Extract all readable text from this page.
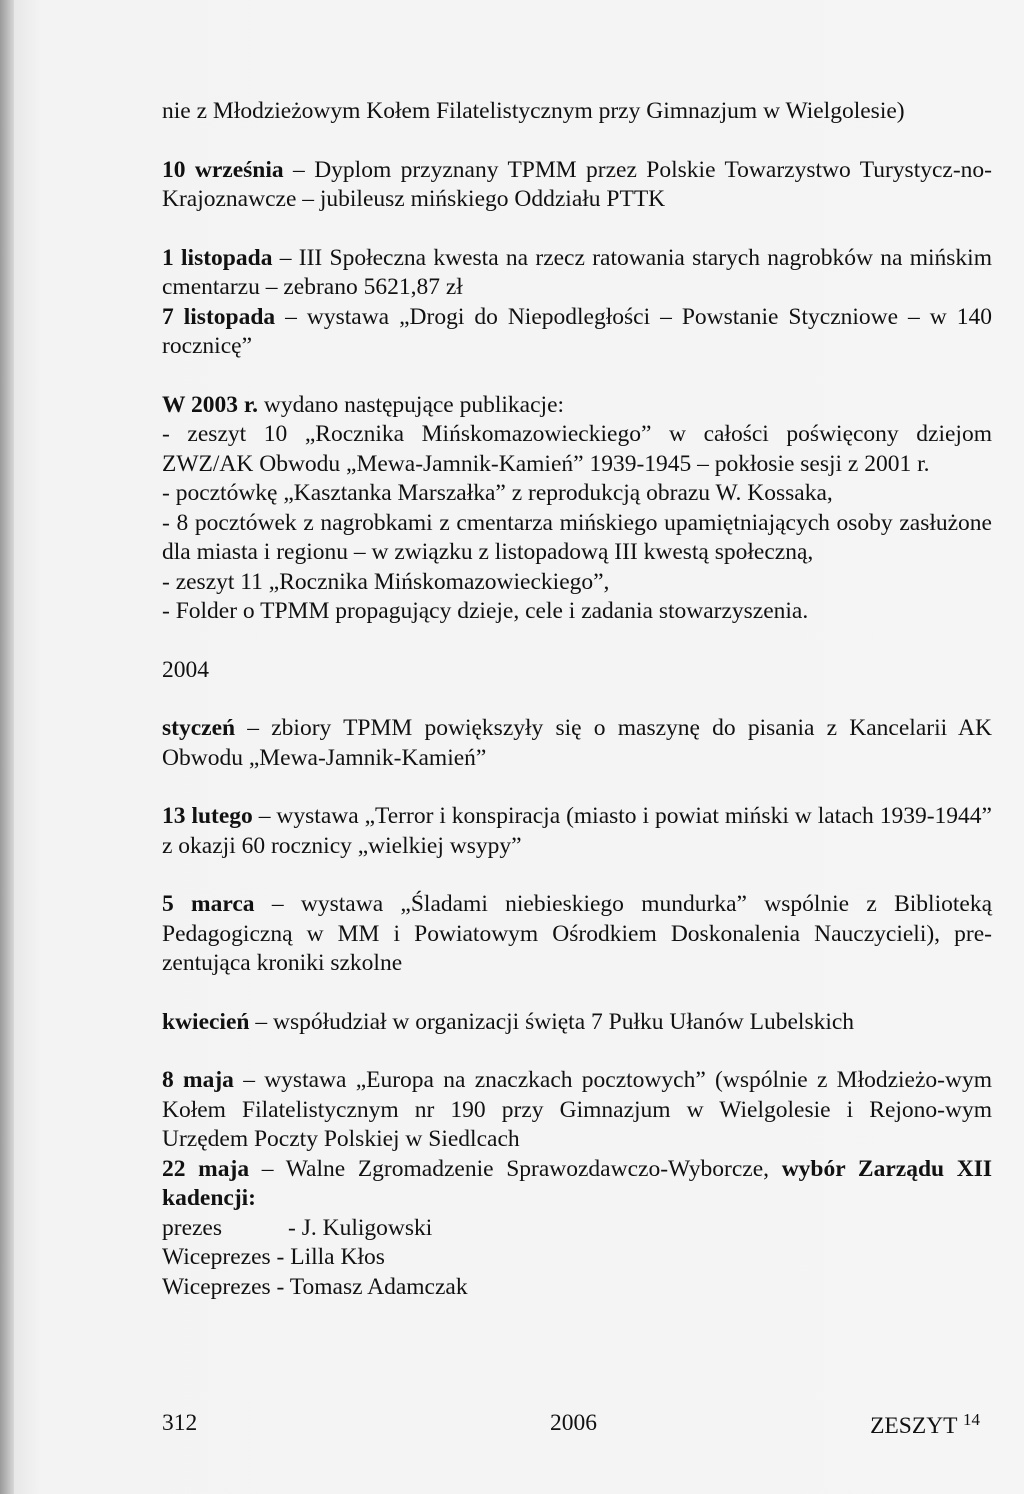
nie z Młodzieżowym Kołem Filatelistycznym przy Gimnazjum w Wielgolesie)

10 września – Dyplom przyznany TPMM przez Polskie Towarzystwo Turystycz-no-Krajoznawcze – jubileusz mińskiego Oddziału PTTK

1 listopada – III Społeczna kwesta na rzecz ratowania starych nagrobków na mińskim cmentarzu – zebrano 5621,87 zł

7 listopada – wystawa „Drogi do Niepodległości – Powstanie Styczniowe – w 140 rocznicę”

W 2003 r. wydano następujące publikacje:

- zeszyt 10 „Rocznika Mińskomazowieckiego” w całości poświęcony dziejom ZWZ/AK Obwodu „Mewa-Jamnik-Kamień” 1939-1945 – pokłosie sesji z 2001 r.

- pocztówkę „Kasztanka Marszałka” z reprodukcją obrazu W. Kossaka,

- 8 pocztówek z nagrobkami z cmentarza mińskiego upamiętniających osoby zasłużone dla miasta i regionu – w związku z listopadową III kwestą społeczną,

- zeszyt 11 „Rocznika Mińskomazowieckiego”,

- Folder o TPMM propagujący dzieje, cele i zadania stowarzyszenia.

2004

styczeń – zbiory TPMM powiększyły się o maszynę do pisania z Kancelarii AK Obwodu „Mewa-Jamnik-Kamień”

13 lutego – wystawa „Terror i konspiracja (miasto i powiat miński w latach 1939-1944” z okazji 60 rocznicy „wielkiej wsypy”

5 marca – wystawa „Śladami niebieskiego mundurka” wspólnie z Biblioteką Pedagogiczną w MM i Powiatowym Ośrodkiem Doskonalenia Nauczycieli), pre-zentująca kroniki szkolne

kwiecień – współudział w organizacji święta 7 Pułku Ułanów Lubelskich

8 maja – wystawa „Europa na znaczkach pocztowych” (wspólnie z Młodzieżo-wym Kołem Filatelistycznym nr 190 przy Gimnazjum w Wielgolesie i Rejono-wym Urzędem Poczty Polskiej w Siedlcach

22 maja – Walne Zgromadzenie Sprawozdawczo-Wyborcze, wybór Zarządu XII kadencji:

prezes	- J. Kuligowski

Wiceprezes - Lilla Kłos

Wiceprezes - Tomasz Adamczak

312	2006	ZESZYT $^{14}$
